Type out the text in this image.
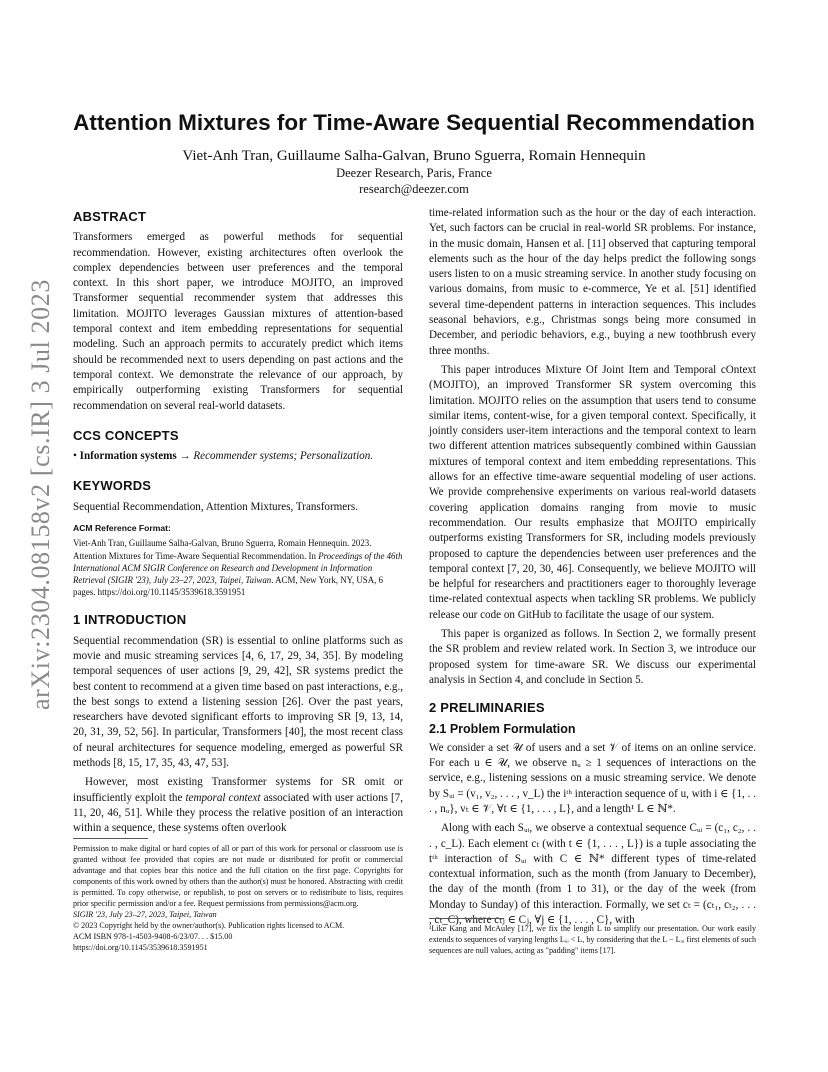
arXiv:2304.08158v2 [cs.IR] 3 Jul 2023
Attention Mixtures for Time-Aware Sequential Recommendation
Viet-Anh Tran, Guillaume Salha-Galvan, Bruno Sguerra, Romain Hennequin
Deezer Research, Paris, France
research@deezer.com
ABSTRACT

Transformers emerged as powerful methods for sequential recommendation. However, existing architectures often overlook the complex dependencies between user preferences and the temporal context. In this short paper, we introduce MOJITO, an improved Transformer sequential recommender system that addresses this limitation. MOJITO leverages Gaussian mixtures of attention-based temporal context and item embedding representations for sequential modeling. Such an approach permits to accurately predict which items should be recommended next to users depending on past actions and the temporal context. We demonstrate the relevance of our approach, by empirically outperforming existing Transformers for sequential recommendation on several real-world datasets.

CCS CONCEPTS

• Information systems → Recommender systems; Personalization.

KEYWORDS

Sequential Recommendation, Attention Mixtures, Transformers.

ACM Reference Format:
Viet-Anh Tran, Guillaume Salha-Galvan, Bruno Sguerra, Romain Hennequin. 2023. Attention Mixtures for Time-Aware Sequential Recommendation. In Proceedings of the 46th International ACM SIGIR Conference on Research and Development in Information Retrieval (SIGIR '23), July 23–27, 2023, Taipei, Taiwan. ACM, New York, NY, USA, 6 pages. https://doi.org/10.1145/3539618.3591951
1 INTRODUCTION

Sequential recommendation (SR) is essential to online platforms such as movie and music streaming services [4, 6, 17, 29, 34, 35]. By modeling temporal sequences of user actions [9, 29, 42], SR systems predict the best content to recommend at a given time based on past interactions, e.g., the best songs to extend a listening session [26]. Over the past years, researchers have devoted significant efforts to improving SR [9, 13, 14, 20, 31, 39, 52, 56]. In particular, Transformers [40], the most recent class of neural architectures for sequence modeling, emerged as powerful SR methods [8, 15, 17, 35, 43, 47, 53].

However, most existing Transformer systems for SR omit or insufficiently exploit the temporal context associated with user actions [7, 11, 20, 46, 51]. While they process the relative position of an interaction within a sequence, these systems often overlook

Permission to make digital or hard copies of all or part of this work for personal or classroom use is granted without fee provided that copies are not made or distributed for profit or commercial advantage and that copies bear this notice and the full citation on the first page. Copyrights for components of this work owned by others than the author(s) must be honored. Abstracting with credit is permitted. To copy otherwise, or republish, to post on servers or to redistribute to lists, requires prior specific permission and/or a fee. Request permissions from permissions@acm.org.
SIGIR '23, July 23–27, 2023, Taipei, Taiwan
© 2023 Copyright held by the owner/author(s). Publication rights licensed to ACM.
ACM ISBN 978-1-4503-9408-6/23/07. . . $15.00
https://doi.org/10.1145/3539618.3591951

time-related information such as the hour or the day of each interaction. Yet, such factors can be crucial in real-world SR problems. For instance, in the music domain, Hansen et al. [11] observed that capturing temporal elements such as the hour of the day helps predict the following songs users listen to on a music streaming service. In another study focusing on various domains, from music to e-commerce, Ye et al. [51] identified several time-dependent patterns in interaction sequences. This includes seasonal behaviors, e.g., Christmas songs being more consumed in December, and periodic behaviors, e.g., buying a new toothbrush every three months.

This paper introduces Mixture Of Joint Item and Temporal cOntext (MOJITO), an improved Transformer SR system overcoming this limitation. MOJITO relies on the assumption that users tend to consume similar items, content-wise, for a given temporal context. Specifically, it jointly considers user-item interactions and the temporal context to learn two different attention matrices subsequently combined within Gaussian mixtures of temporal context and item embedding representations. This allows for an effective time-aware sequential modeling of user actions. We provide comprehensive experiments on various real-world datasets covering application domains ranging from movie to music recommendation. Our results emphasize that MOJITO empirically outperforms existing Transformers for SR, including models previously proposed to capture the dependencies between user preferences and the temporal context [7, 20, 30, 46]. Consequently, we believe MOJITO will be helpful for researchers and practitioners eager to thoroughly leverage time-related contextual aspects when tackling SR problems. We publicly release our code on GitHub to facilitate the usage of our system.

This paper is organized as follows. In Section 2, we formally present the SR problem and review related work. In Section 3, we introduce our proposed system for time-aware SR. We discuss our experimental analysis in Section 4, and conclude in Section 5.

2 PRELIMINARIES
2.1 Problem Formulation

We consider a set 𝒰 of users and a set 𝒱 of items on an online service. For each u ∈ 𝒰, we observe nᵤ ≥ 1 sequences of interactions on the service, e.g., listening sessions on a music streaming service. We denote by Sᵤᵢ = (v₁, v₂, . . . , v_L) the iᵗʰ interaction sequence of u, with i ∈ {1, . . . , nᵤ}, vₜ ∈ 𝒱, ∀t ∈ {1, . . . , L}, and a length¹ L ∈ ℕ*.

Along with each Sᵤᵢ, we observe a contextual sequence Cᵤᵢ = (c₁, c₂, . . . , c_L). Each element cₜ (with t ∈ {1, . . . , L}) is a tuple associating the tᵗʰ interaction of Sᵤᵢ with C ∈ ℕ* different types of time-related contextual information, such as the month (from January to December), the day of the month (from 1 to 31), or the day of the week (from Monday to Sunday) of this interaction. Formally, we set cₜ = (cₜ₁, cₜ₂, . . . , cₜ_C), where cₜⱼ ∈ Cⱼ, ∀j ∈ {1, . . . , C}, with

¹Like Kang and McAuley [17], we fix the length L to simplify our presentation. Our work easily extends to sequences of varying lengths Lᵤᵢ < L, by considering that the L − Lᵤᵢ first elements of such sequences are null values, acting as "padding" items [17].
